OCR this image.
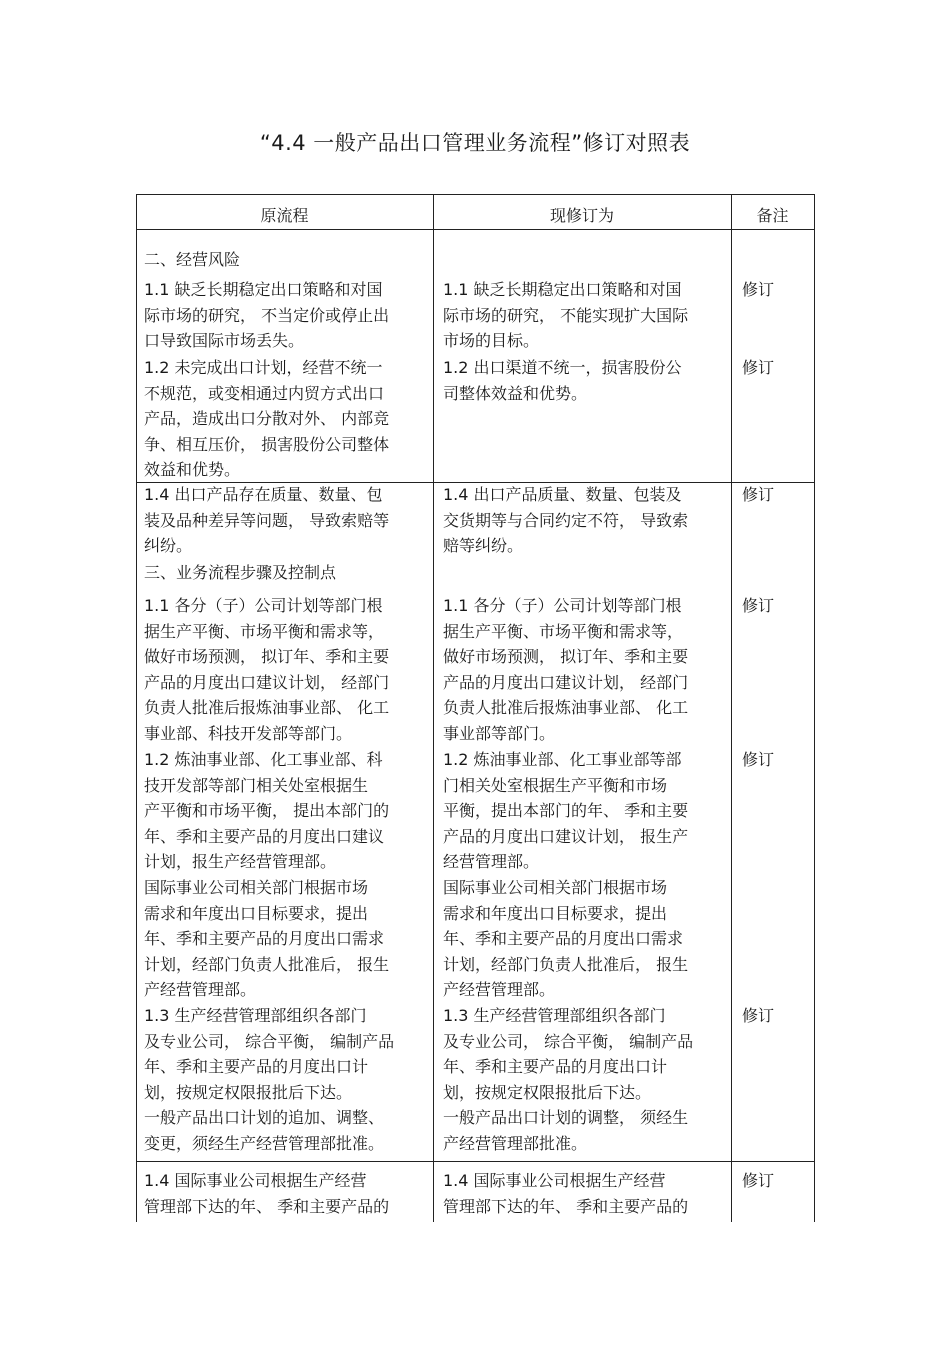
“4.4 一般产品出口管理业务流程”修订对照表
原流程	现修订为	备注
二、经营风险
1.1 缺乏长期稳定出口策略和对国
际市场的研究， 不当定价或停止出
口导致国际市场丢失。
1.2 未完成出口计划，经营不统一
不规范，或变相通过内贸方式出口
产品，造成出口分散对外、 内部竞
争、相互压价， 损害股份公司整体
效益和优势。
1.4 出口产品存在质量、数量、包
装及品种差异等问题， 导致索赔等
纠纷。
三、业务流程步骤及控制点
1.1 各分（子）公司计划等部门根
据生产平衡、市场平衡和需求等，
做好市场预测， 拟订年、季和主要
产品的月度出口建议计划， 经部门
负责人批准后报炼油事业部、 化工
事业部、科技开发部等部门。
1.2 炼油事业部、化工事业部、科
技开发部等部门相关处室根据生
产平衡和市场平衡， 提出本部门的
年、季和主要产品的月度出口建议
计划，报生产经营管理部。
国际事业公司相关部门根据市场
需求和年度出口目标要求，提出
年、季和主要产品的月度出口需求
计划，经部门负责人批准后， 报生
产经营管理部。
1.3 生产经营管理部组织各部门
及专业公司， 综合平衡， 编制产品
年、季和主要产品的月度出口计
划，按规定权限报批后下达。
一般产品出口计划的追加、调整、
变更，须经生产经营管理部批准。
1.4 国际事业公司根据生产经营
管理部下达的年、 季和主要产品的
1.1 缺乏长期稳定出口策略和对国
际市场的研究， 不能实现扩大国际
市场的目标。
1.2 出口渠道不统一，损害股份公
司整体效益和优势。
1.4 出口产品质量、数量、包装及
交货期等与合同约定不符， 导致索
赔等纠纷。
1.1 各分（子）公司计划等部门根
据生产平衡、市场平衡和需求等，
做好市场预测， 拟订年、季和主要
产品的月度出口建议计划， 经部门
负责人批准后报炼油事业部、 化工
事业部等部门。
1.2 炼油事业部、化工事业部等部
门相关处室根据生产平衡和市场
平衡，提出本部门的年、 季和主要
产品的月度出口建议计划， 报生产
经营管理部。
国际事业公司相关部门根据市场
需求和年度出口目标要求，提出
年、季和主要产品的月度出口需求
计划，经部门负责人批准后， 报生
产经营管理部。
1.3 生产经营管理部组织各部门
及专业公司， 综合平衡， 编制产品
年、季和主要产品的月度出口计
划，按规定权限报批后下达。
一般产品出口计划的调整， 须经生
产经营管理部批准。
1.4 国际事业公司根据生产经营
管理部下达的年、 季和主要产品的
修订
修订
修订
修订
修订
修订
修订
